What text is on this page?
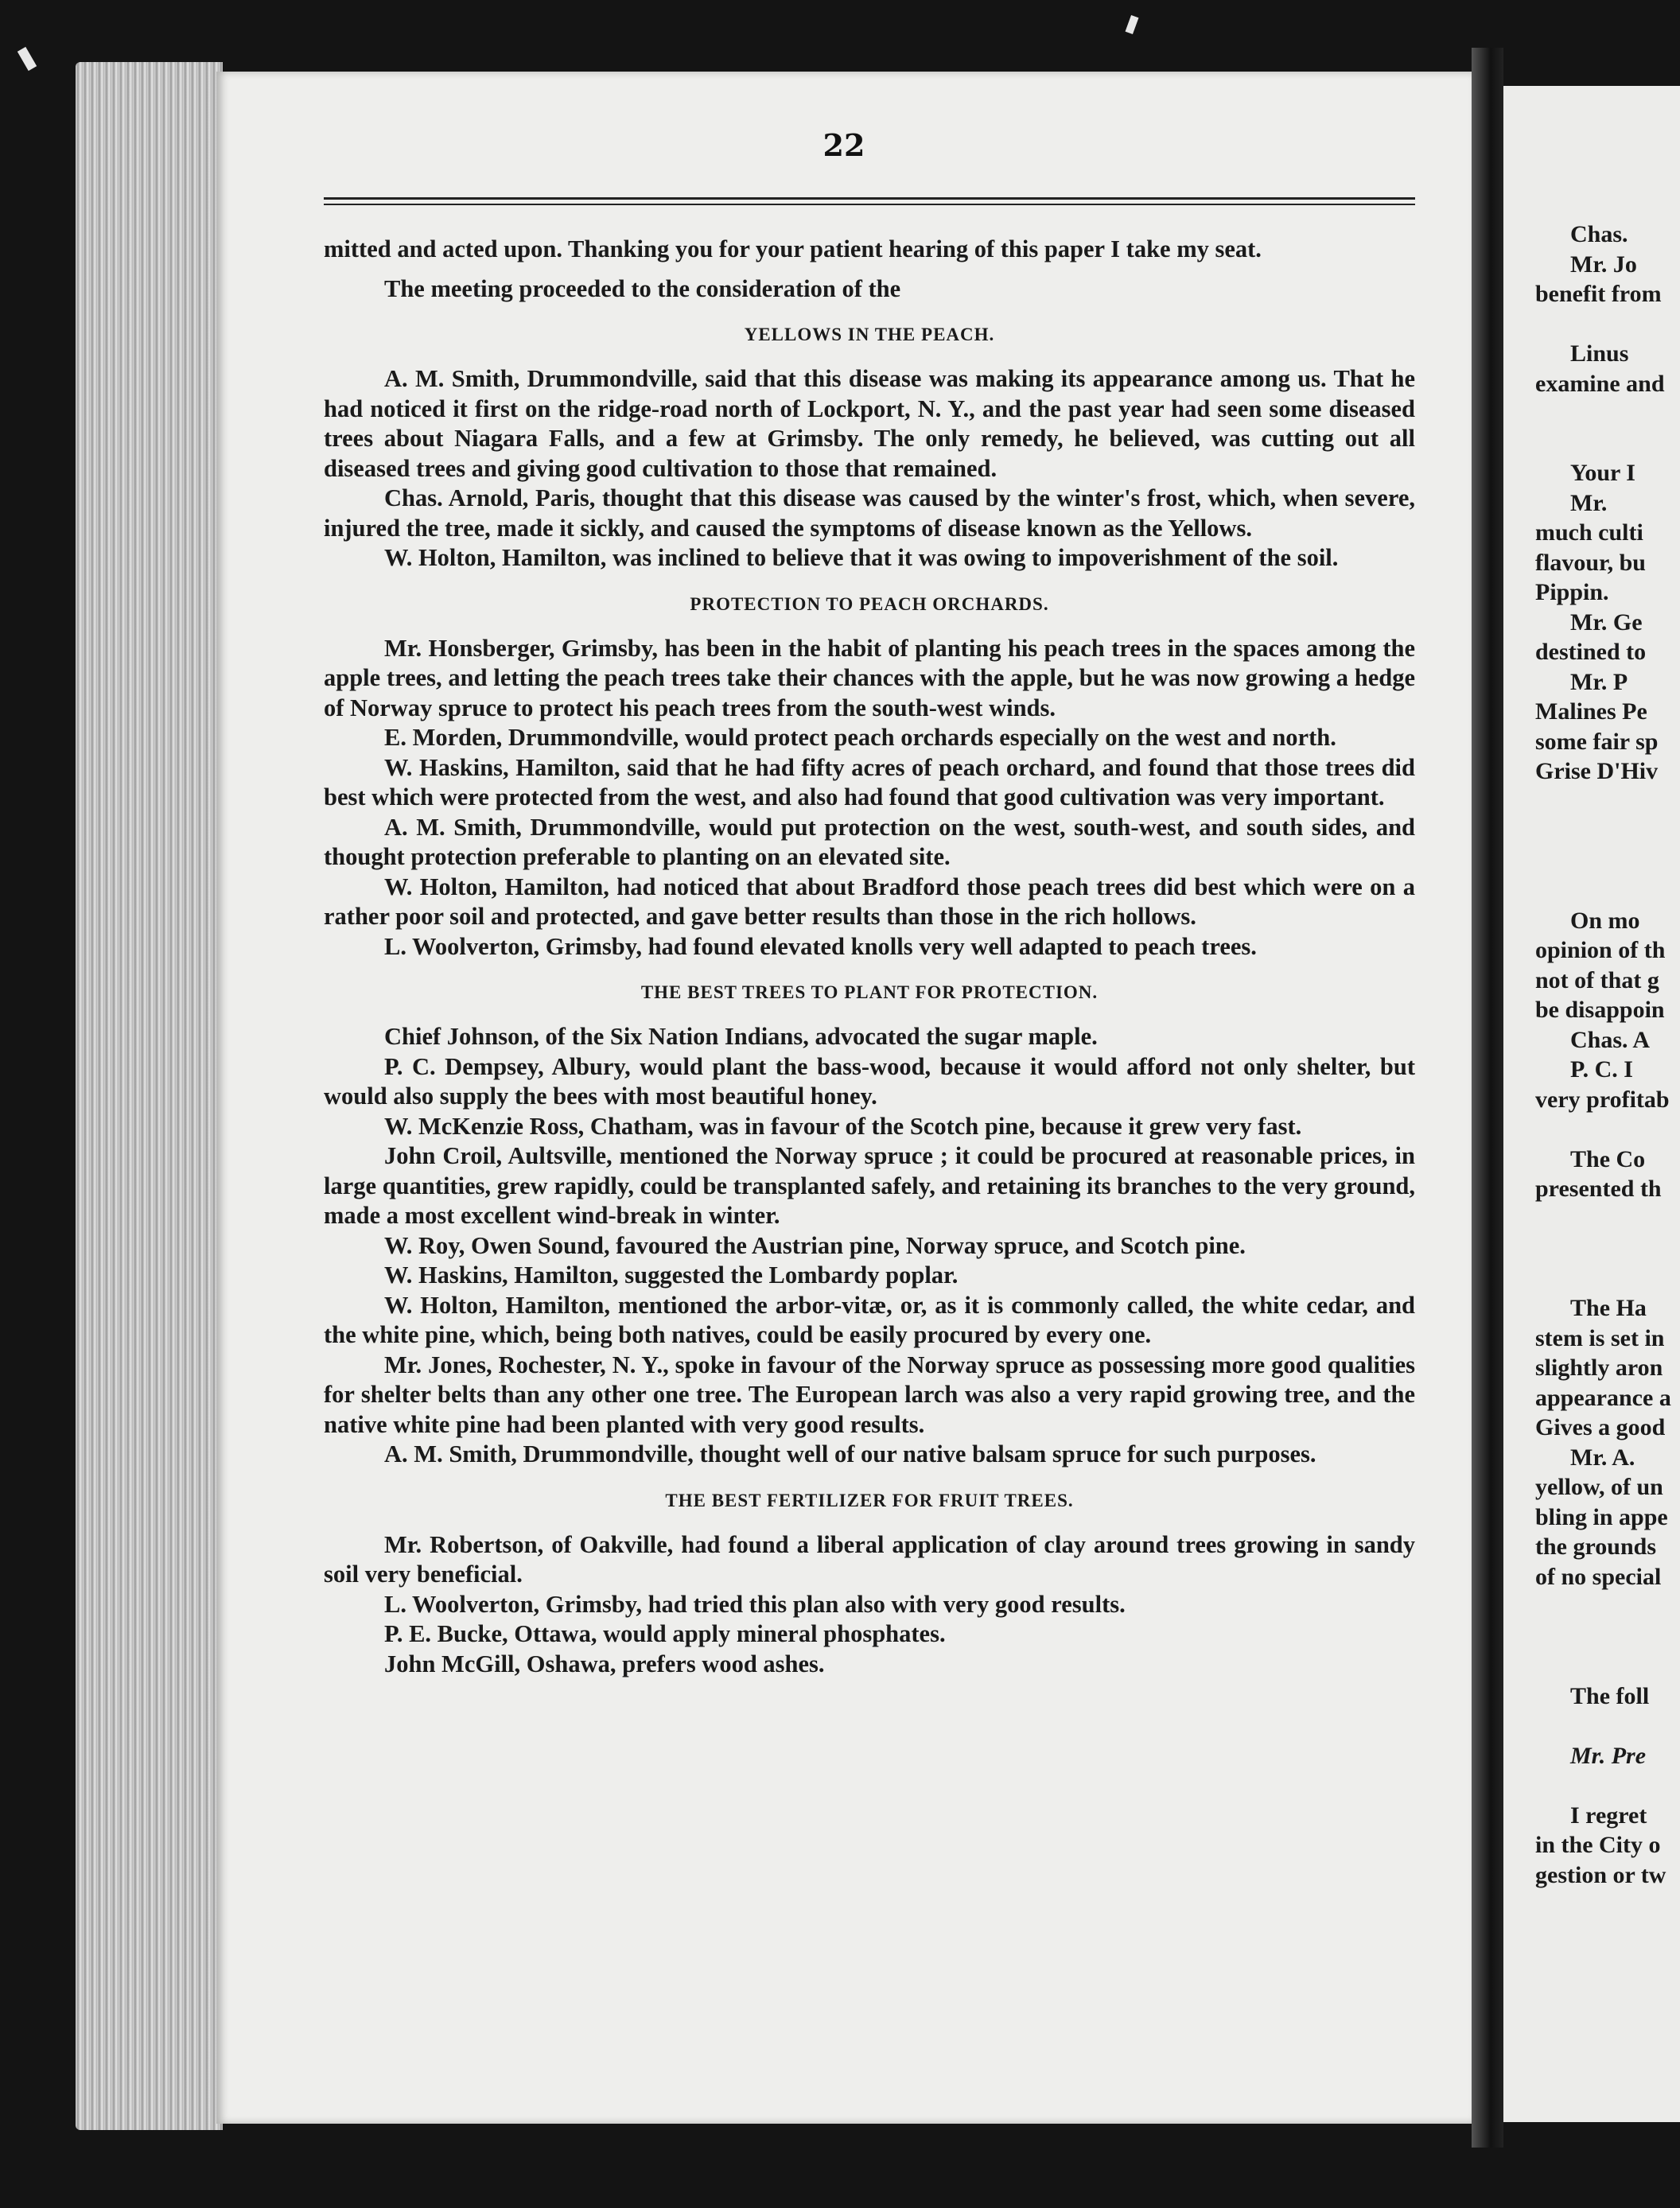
22

mitted and acted upon. Thanking you for your patient hearing of this paper I take my seat.

The meeting proceeded to the consideration of the

YELLOWS IN THE PEACH.

A. M. Smith, Drummondville, said that this disease was making its appearance among us. That he had noticed it first on the ridge-road north of Lockport, N. Y., and the past year had seen some diseased trees about Niagara Falls, and a few at Grimsby. The only remedy, he believed, was cutting out all diseased trees and giving good cultivation to those that remained.

Chas. Arnold, Paris, thought that this disease was caused by the winter's frost, which, when severe, injured the tree, made it sickly, and caused the symptoms of disease known as the Yellows.

W. Holton, Hamilton, was inclined to believe that it was owing to impoverishment of the soil.

PROTECTION TO PEACH ORCHARDS.

Mr. Honsberger, Grimsby, has been in the habit of planting his peach trees in the spaces among the apple trees, and letting the peach trees take their chances with the apple, but he was now growing a hedge of Norway spruce to protect his peach trees from the south-west winds.

E. Morden, Drummondville, would protect peach orchards especially on the west and north.

W. Haskins, Hamilton, said that he had fifty acres of peach orchard, and found that those trees did best which were protected from the west, and also had found that good cultivation was very important.

A. M. Smith, Drummondville, would put protection on the west, south-west, and south sides, and thought protection preferable to planting on an elevated site.

W. Holton, Hamilton, had noticed that about Bradford those peach trees did best which were on a rather poor soil and protected, and gave better results than those in the rich hollows.

L. Woolverton, Grimsby, had found elevated knolls very well adapted to peach trees.

THE BEST TREES TO PLANT FOR PROTECTION.

Chief Johnson, of the Six Nation Indians, advocated the sugar maple.

P. C. Dempsey, Albury, would plant the bass-wood, because it would afford not only shelter, but would also supply the bees with most beautiful honey.

W. McKenzie Ross, Chatham, was in favour of the Scotch pine, because it grew very fast.

John Croil, Aultsville, mentioned the Norway spruce ; it could be procured at reasonable prices, in large quantities, grew rapidly, could be transplanted safely, and retaining its branches to the very ground, made a most excellent wind-break in winter.

W. Roy, Owen Sound, favoured the Austrian pine, Norway spruce, and Scotch pine.

W. Haskins, Hamilton, suggested the Lombardy poplar.

W. Holton, Hamilton, mentioned the arbor-vitæ, or, as it is commonly called, the white cedar, and the white pine, which, being both natives, could be easily procured by every one.

Mr. Jones, Rochester, N. Y., spoke in favour of the Norway spruce as possessing more good qualities for shelter belts than any other one tree. The European larch was also a very rapid growing tree, and the native white pine had been planted with very good results.

A. M. Smith, Drummondville, thought well of our native balsam spruce for such purposes.

THE BEST FERTILIZER FOR FRUIT TREES.

Mr. Robertson, of Oakville, had found a liberal application of clay around trees growing in sandy soil very beneficial.

L. Woolverton, Grimsby, had tried this plan also with very good results.

P. E. Bucke, Ottawa, would apply mineral phosphates.

John McGill, Oshawa, prefers wood ashes.

Chas.
Mr. Jo
benefit from
Linus
examine and
Your I
Mr.
much culti
flavour, bu
Pippin.
Mr. Ge
destined to
Mr. P
Malines Pe
some fair sp
Grise D'Hiv
On mo
opinion of th
not of that g
be disappoin
Chas. A
P. C. I
very profitab
The Co
presented th
The Ha
stem is set in
slightly aron
appearance a
Gives a good
Mr. A.
yellow, of un
bling in appe
the grounds
of no special
The foll
Mr. Pre
I regret
in the City o
gestion or tw
